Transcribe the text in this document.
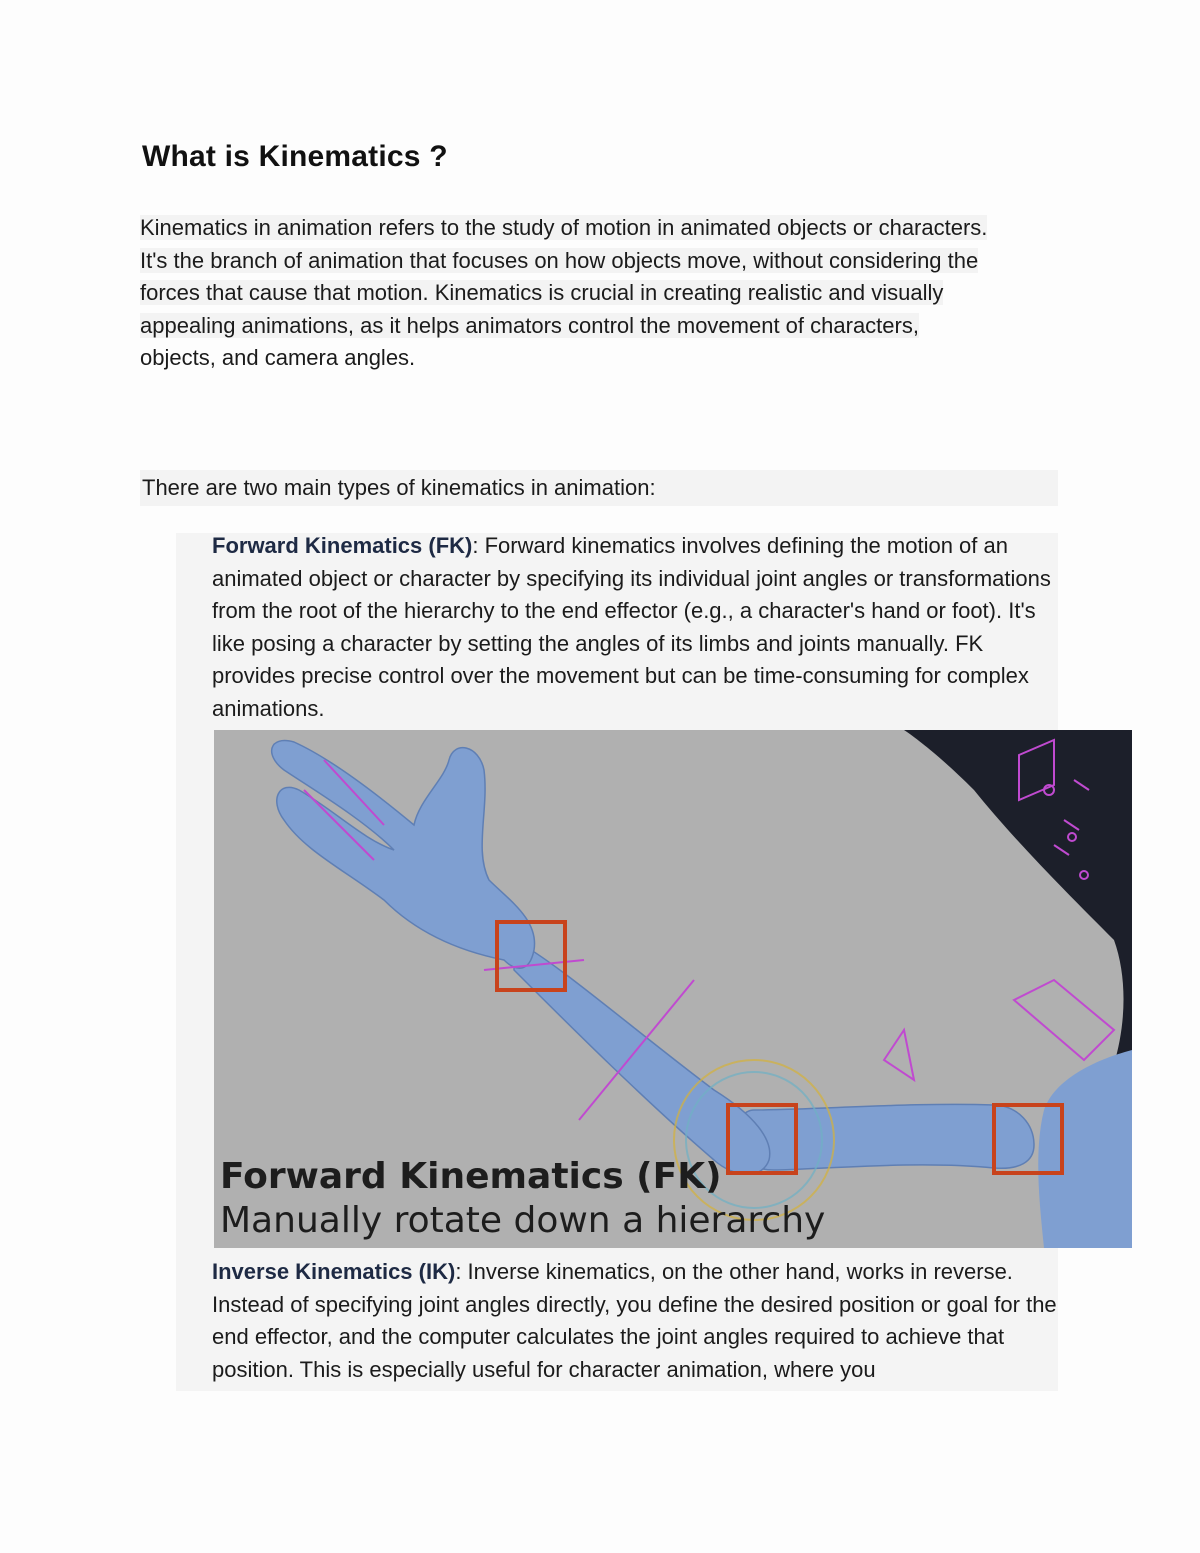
What is Kinematics ?

Kinematics in animation refers to the study of motion in animated objects or characters.
It's the branch of animation that focuses on how objects move, without considering the
forces that cause that motion. Kinematics is crucial in creating realistic and visually
appealing animations, as it helps animators control the movement of characters,
objects, and camera angles.

There are two main types of kinematics in animation:

Forward Kinematics (FK): Forward kinematics involves defining the motion of an animated object or character by specifying its individual joint angles or transformations from the root of the hierarchy to the end effector (e.g., a character's hand or foot). It's like posing a character by setting the angles of its limbs and joints manually. FK provides precise control over the movement but can be time-consuming for complex animations.

Forward Kinematics (FK)
Manually rotate down a hierarchy

Inverse Kinematics (IK): Inverse kinematics, on the other hand, works in reverse. Instead of specifying joint angles directly, you define the desired position or goal for the end effector, and the computer calculates the joint angles required to achieve that position. This is especially useful for character animation, where you
